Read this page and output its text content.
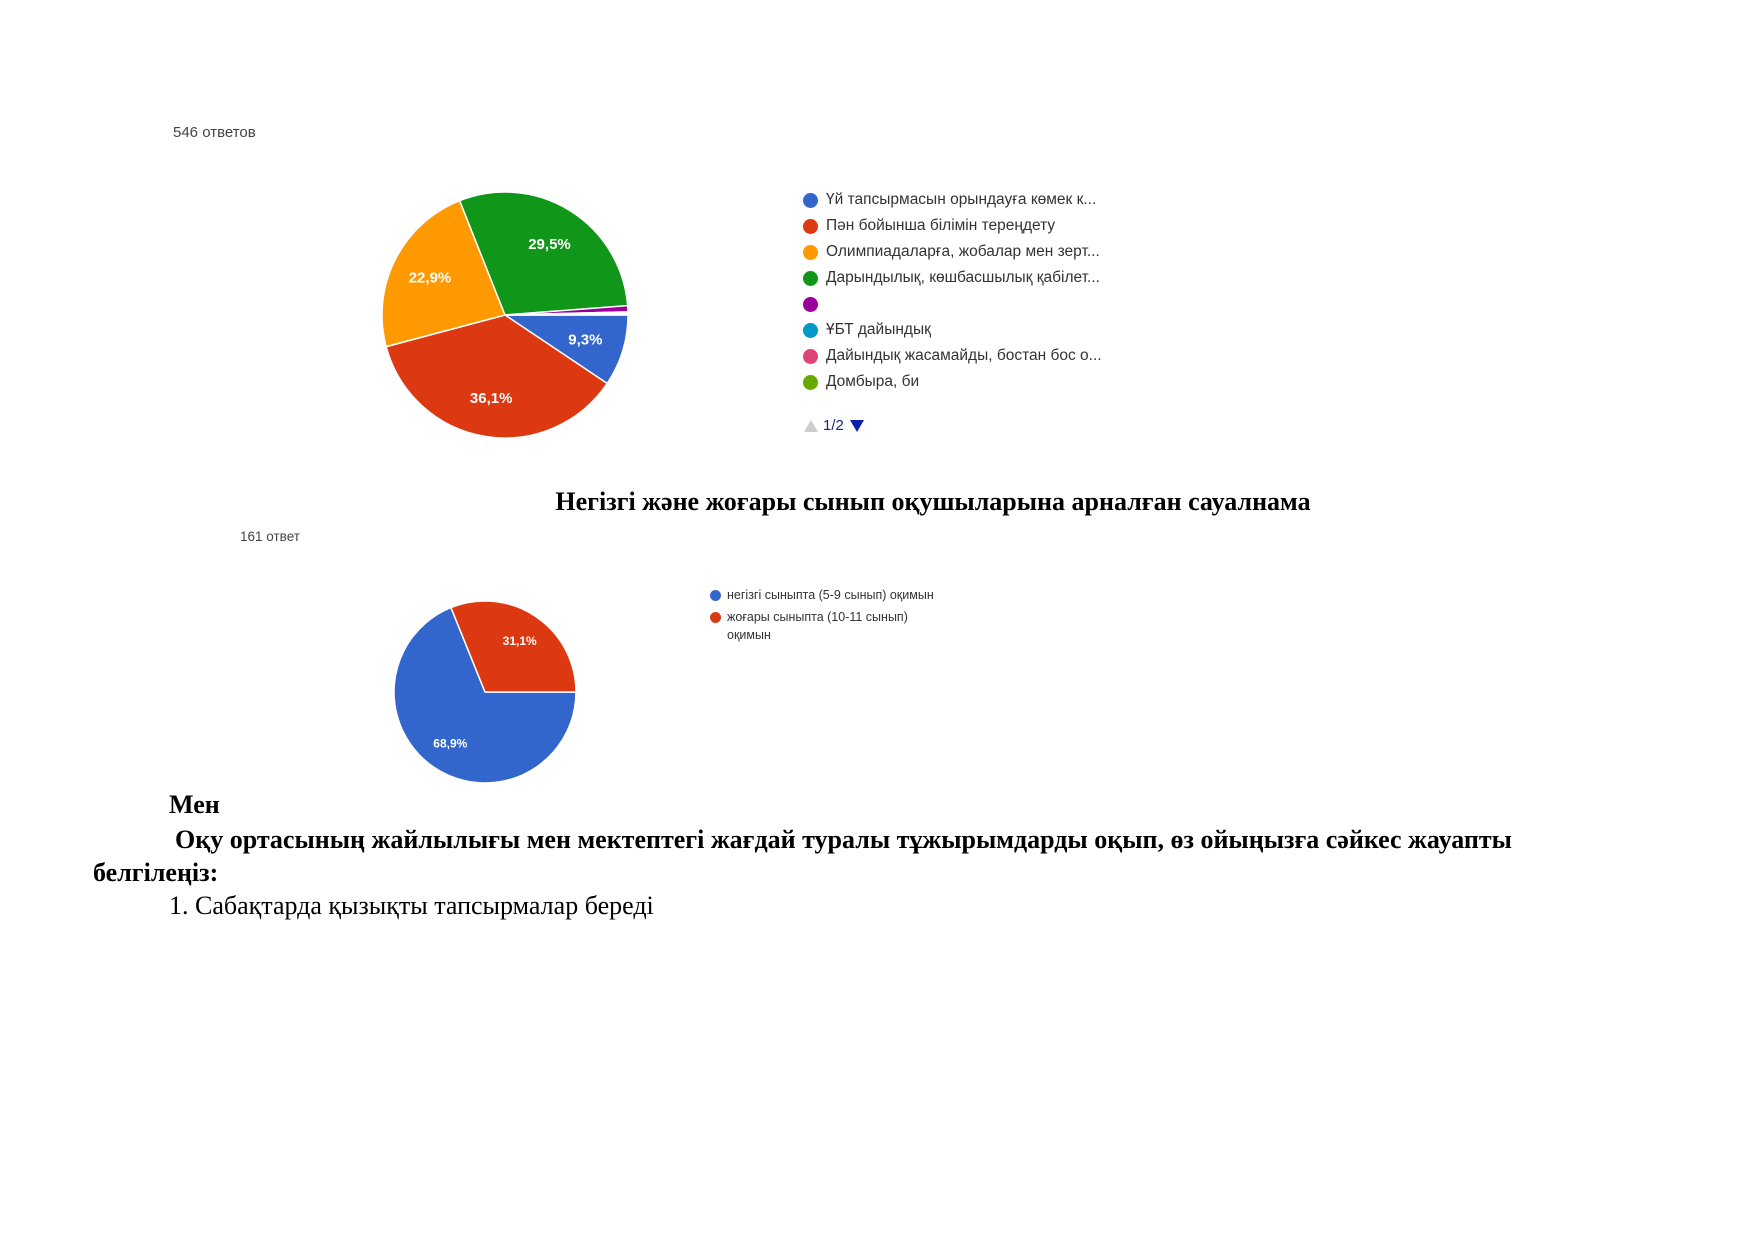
546 ответов
9,3%
36,1%
22,9%
29,5%
Үй тапсырмасын орындауға көмек к...
Пән бойынша білімін тереңдету
Олимпиадаларға, жобалар мен зерт...
Дарындылық, көшбасшылық қабілет...
ҰБТ дайындық
Дайындық жасамайды, бостан бос о...
Домбыра, би
1/2
Негізгі және жоғары сынып оқушыларына арналған сауалнама
161 ответ
68,9%
31,1%
негізгі сыныпта (5-9 сынып) оқимын
жоғары сыныпта (10-11 сынып) оқимын
Мен
Оқу ортасының жайлылығы мен мектептегі жағдай туралы тұжырымдарды оқып, өз ойыңызға сәйкес жауапты белгілеңіз:
1. Сабақтарда қызықты тапсырмалар береді
